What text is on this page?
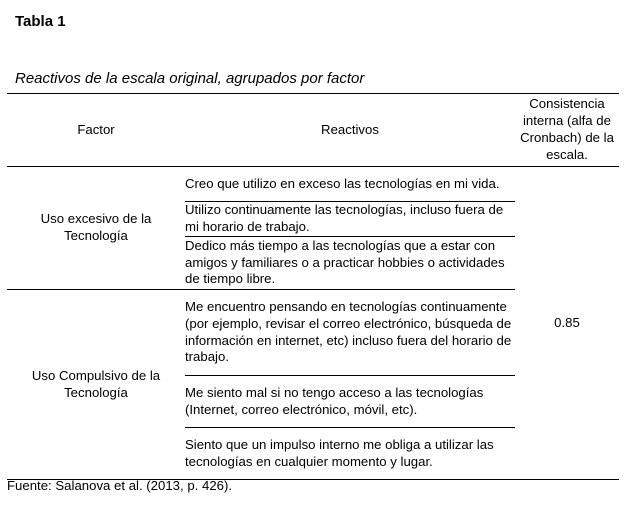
Tabla 1
Reactivos de la escala original, agrupados por factor
Factor	Reactivos	Consistencia interna (alfa de Cronbach) de la escala.

Uso excesivo de la Tecnología	Creo que utilizo en exceso las tecnologías en mi vida.	0.85
	Utilizo continuamente las tecnologías, incluso fuera de mi horario de trabajo.	
	Dedico más tiempo a las tecnologías que a estar con amigos y familiares o a practicar hobbies o actividades de tiempo libre.	

Uso Compulsivo de la Tecnología	Me encuentro pensando en tecnologías continuamente (por ejemplo, revisar el correo electrónico, búsqueda de información en internet, etc) incluso fuera del horario de trabajo.	
	Me siento mal si no tengo acceso a las tecnologías (Internet, correo electrónico, móvil, etc).	
	Siento que un impulso interno me obliga a utilizar las tecnologías en cualquier momento y lugar.	
Fuente: Salanova et al. (2013, p. 426).
